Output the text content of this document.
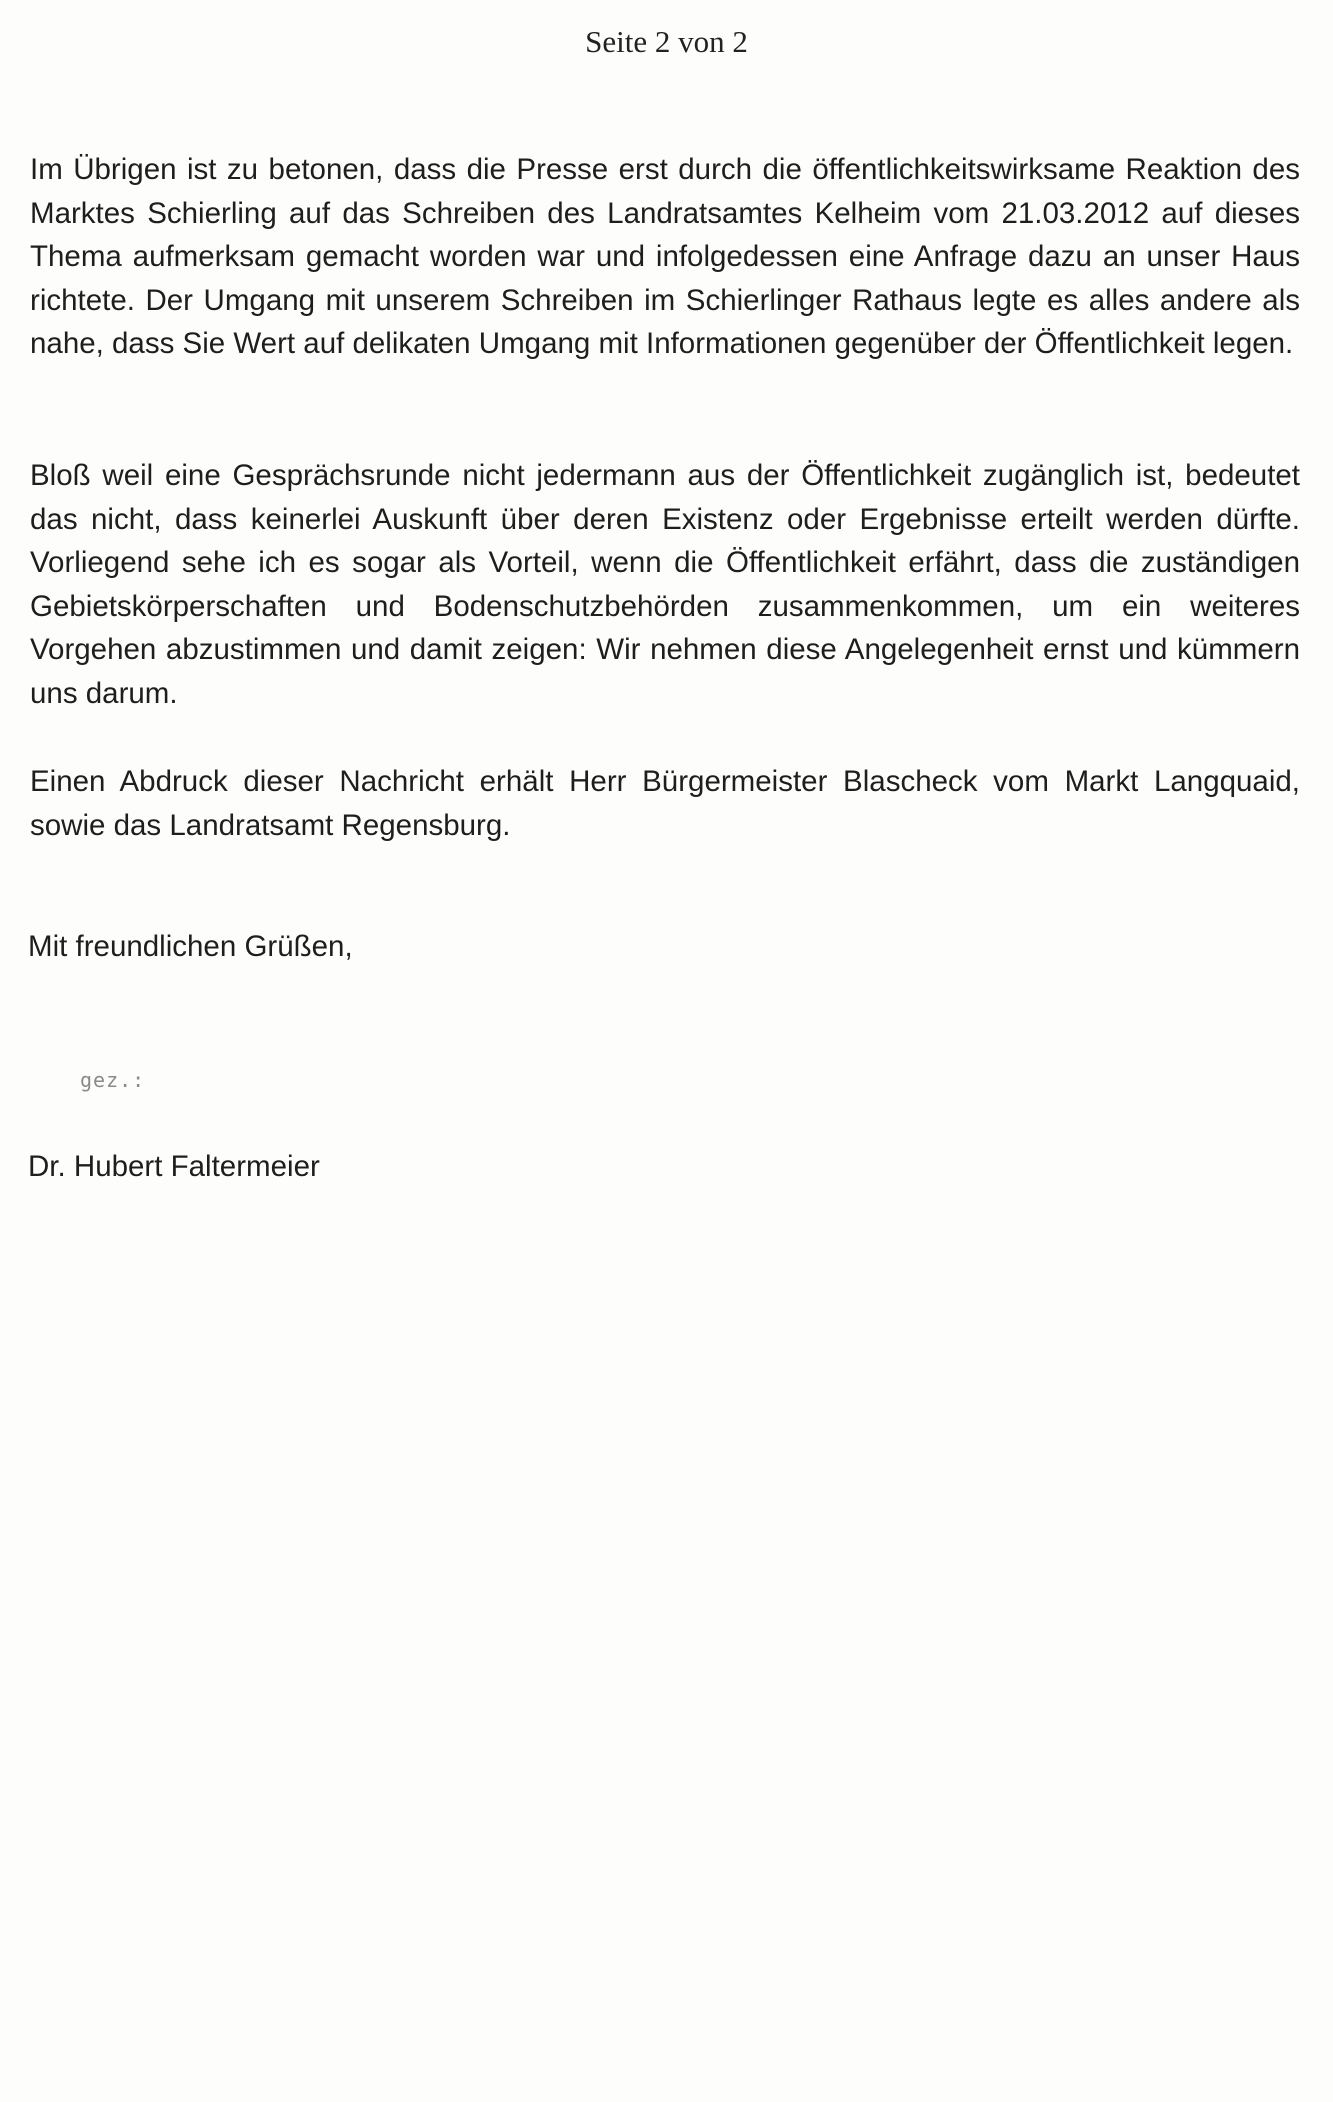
Seite 2 von 2

Im Übrigen ist zu betonen, dass die Presse erst durch die öffentlichkeitswirksame Reaktion des Marktes Schierling auf das Schreiben des Landratsamtes Kelheim vom 21.03.2012 auf dieses Thema aufmerksam gemacht worden war und infolgedessen eine Anfrage dazu an unser Haus richtete. Der Umgang mit unserem Schreiben im Schierlinger Rathaus legte es alles andere als nahe, dass Sie Wert auf delikaten Umgang mit Informationen gegenüber der Öffentlichkeit legen.

Bloß weil eine Gesprächsrunde nicht jedermann aus der Öffentlichkeit zugänglich ist, bedeutet das nicht, dass keinerlei Auskunft über deren Existenz oder Ergebnisse erteilt werden dürfte. Vorliegend sehe ich es sogar als Vorteil, wenn die Öffentlichkeit erfährt, dass die zuständigen Gebietskörperschaften und Bodenschutzbehörden zusammenkommen, um ein weiteres Vorgehen abzustimmen und damit zeigen: Wir nehmen diese Angelegenheit ernst und kümmern uns darum.

Einen Abdruck dieser Nachricht erhält Herr Bürgermeister Blascheck vom Markt Langquaid, sowie das Landratsamt Regensburg.

Mit freundlichen Grüßen,
gez.:
Dr. Hubert Faltermeier
